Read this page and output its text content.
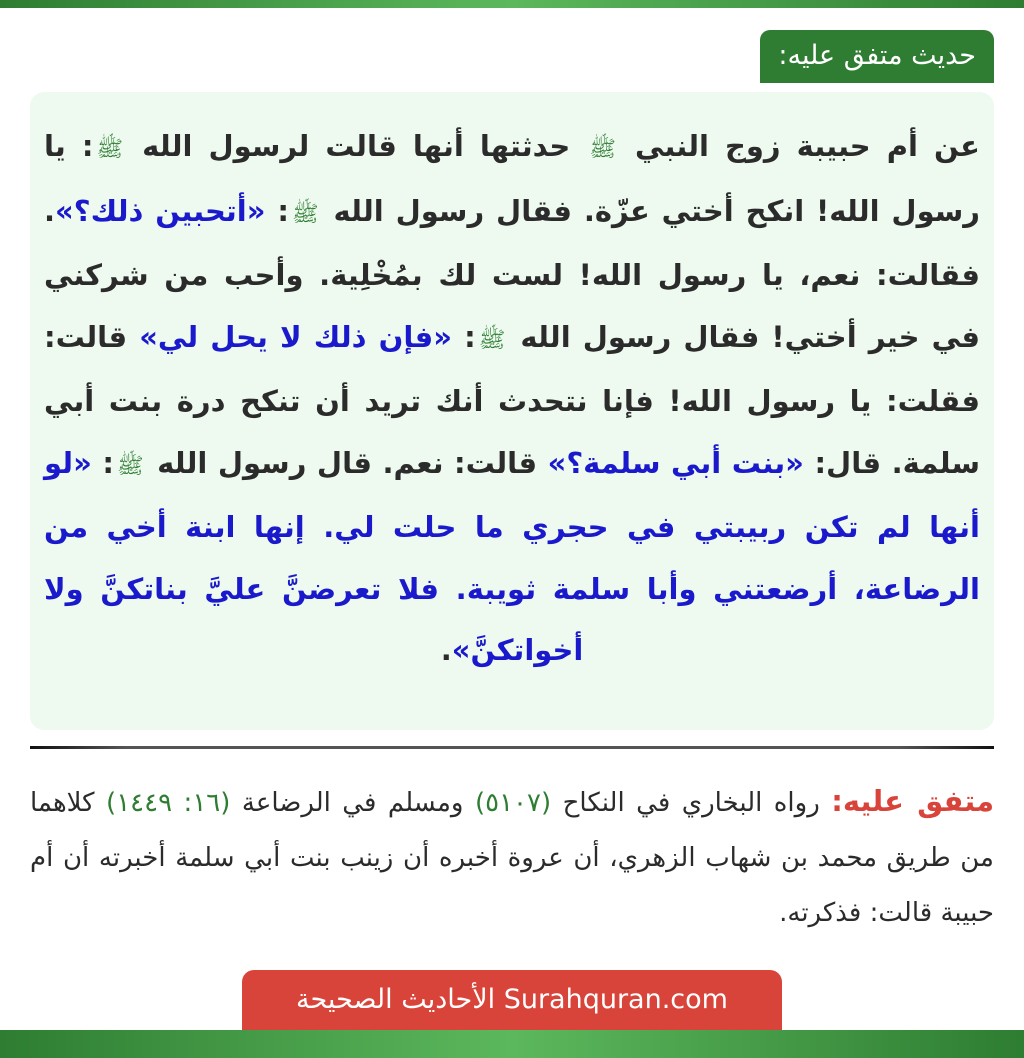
حديث متفق عليه:
عن أم حبيبة زوج النبي ﷺ حدثتها أنها قالت لرسول الله ﷺ: يا رسول الله! انكح أختي عزّة. فقال رسول الله ﷺ: «أتحبين ذلك؟». فقالت: نعم، يا رسول الله! لست لك بمُخْلِية. وأحب من شركني في خير أختي! فقال رسول الله ﷺ: «فإن ذلك لا يحل لي» قالت: فقلت: يا رسول الله! فإنا نتحدث أنك تريد أن تنكح درة بنت أبي سلمة. قال: «بنت أبي سلمة؟» قالت: نعم. قال رسول الله ﷺ: «لو أنها لم تكن ربيبتي في حجري ما حلت لي. إنها ابنة أخي من الرضاعة، أرضعتني وأبا سلمة ثويبة. فلا تعرضنَّ عليَّ بناتكنَّ ولا أخواتكنَّ».
متفق عليه: رواه البخاري في النكاح (٥١٠٧) ومسلم في الرضاعة (١٦: ١٤٤٩) كلاهما من طريق محمد بن شهاب الزهري، أن عروة أخبره أن زينب بنت أبي سلمة أخبرته أن أم حبيبة قالت: فذكرته.
الأحاديث الصحيحة Surahquran.com
